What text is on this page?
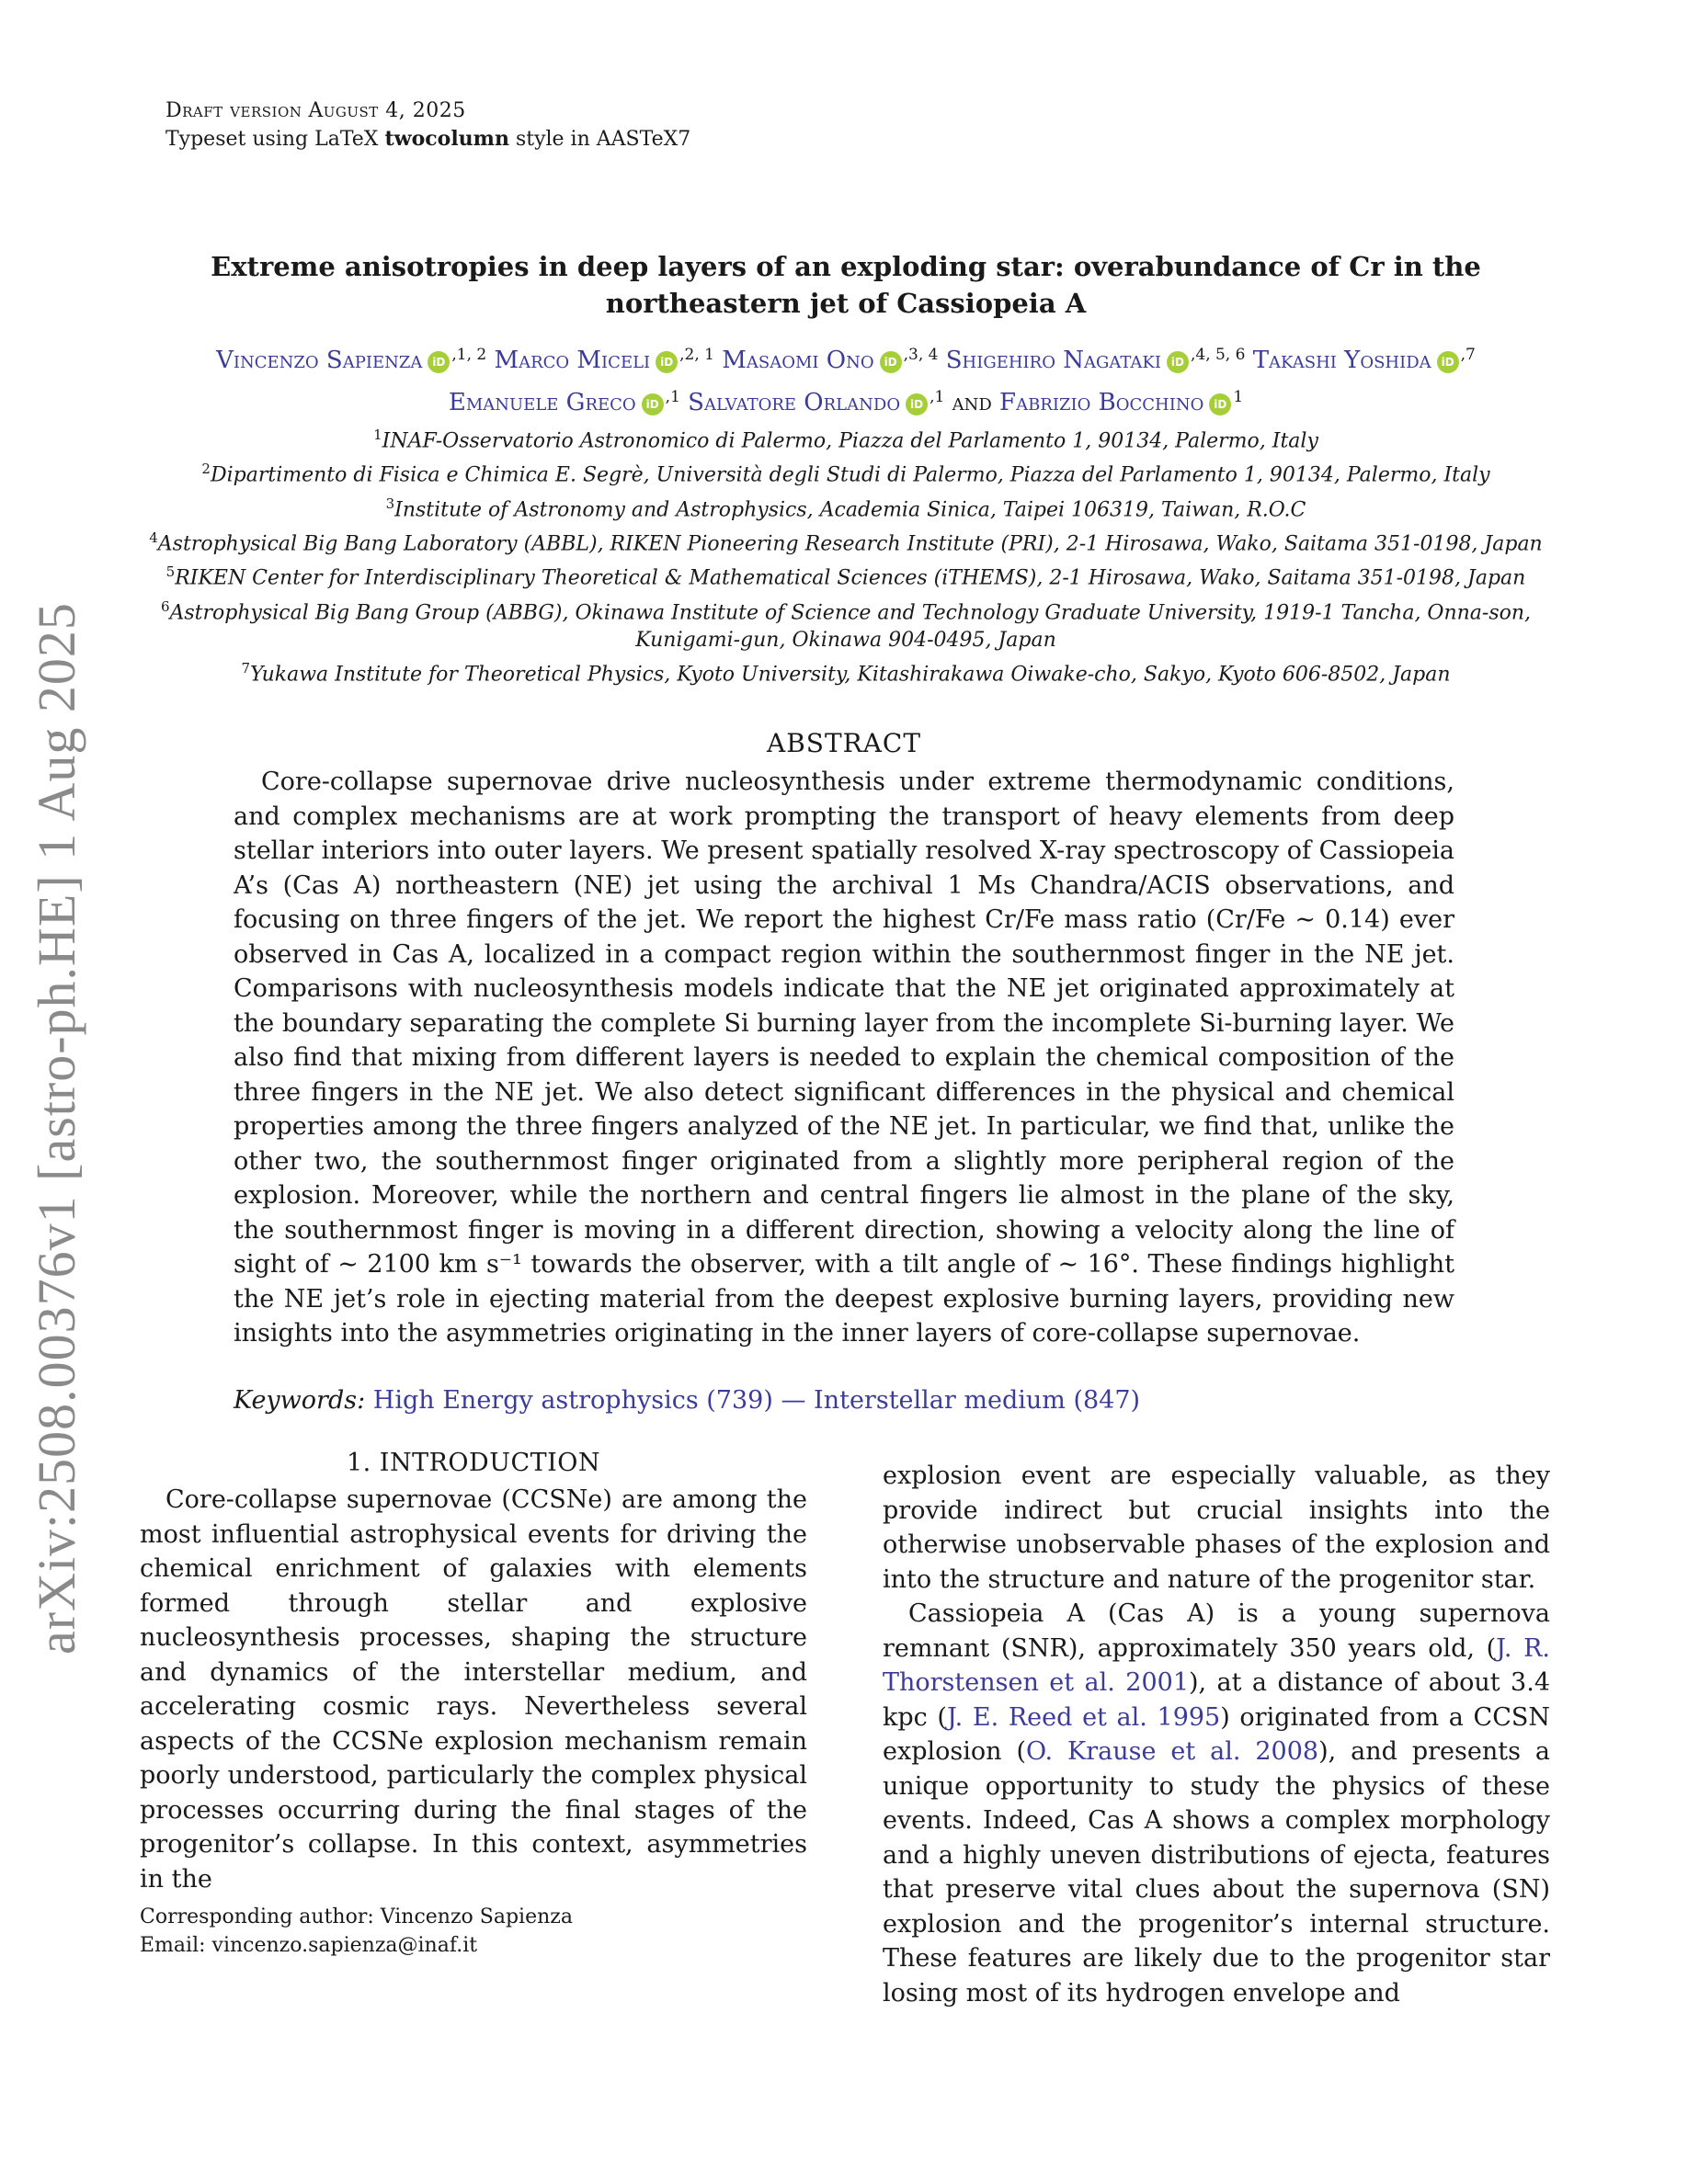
arXiv:2508.00376v1 [astro-ph.HE] 1 Aug 2025
Draft version August 4, 2025
Typeset using LaTeX twocolumn style in AASTeX7
Extreme anisotropies in deep layers of an exploding star: overabundance of Cr in the northeastern jet of Cassiopeia A
Vincenzo Sapienza iD $^{,1, 2}$ Marco Miceli iD $^{,2, 1}$ Masaomi Ono iD $^{,3, 4}$ Shigehiro Nagataki iD $^{,4, 5, 6}$ Takashi Yoshida iD $^{,7}$
Emanuele Greco iD $^{,1}$ Salvatore Orlando iD $^{,1}$ and Fabrizio Bocchino iD $^1$
$^1$INAF-Osservatorio Astronomico di Palermo, Piazza del Parlamento 1, 90134, Palermo, Italy
$^2$Dipartimento di Fisica e Chimica E. Segrè, Università degli Studi di Palermo, Piazza del Parlamento 1, 90134, Palermo, Italy
$^3$Institute of Astronomy and Astrophysics, Academia Sinica, Taipei 106319, Taiwan, R.O.C
$^4$Astrophysical Big Bang Laboratory (ABBL), RIKEN Pioneering Research Institute (PRI), 2-1 Hirosawa, Wako, Saitama 351-0198, Japan
$^5$RIKEN Center for Interdisciplinary Theoretical & Mathematical Sciences (iTHEMS), 2-1 Hirosawa, Wako, Saitama 351-0198, Japan
$^6$Astrophysical Big Bang Group (ABBG), Okinawa Institute of Science and Technology Graduate University, 1919-1 Tancha, Onna-son, Kunigami-gun, Okinawa 904-0495, Japan
$^7$Yukawa Institute for Theoretical Physics, Kyoto University, Kitashirakawa Oiwake-cho, Sakyo, Kyoto 606-8502, Japan
ABSTRACT
Core-collapse supernovae drive nucleosynthesis under extreme thermodynamic conditions, and complex mechanisms are at work prompting the transport of heavy elements from deep stellar interiors into outer layers. We present spatially resolved X-ray spectroscopy of Cassiopeia A’s (Cas A) northeastern (NE) jet using the archival 1 Ms Chandra/ACIS observations, and focusing on three fingers of the jet. We report the highest Cr/Fe mass ratio (Cr/Fe ∼ 0.14) ever observed in Cas A, localized in a compact region within the southernmost finger in the NE jet. Comparisons with nucleosynthesis models indicate that the NE jet originated approximately at the boundary separating the complete Si burning layer from the incomplete Si-burning layer. We also find that mixing from different layers is needed to explain the chemical composition of the three fingers in the NE jet. We also detect significant differences in the physical and chemical properties among the three fingers analyzed of the NE jet. In particular, we find that, unlike the other two, the southernmost finger originated from a slightly more peripheral region of the explosion. Moreover, while the northern and central fingers lie almost in the plane of the sky, the southernmost finger is moving in a different direction, showing a velocity along the line of sight of ∼ 2100 km s⁻¹ towards the observer, with a tilt angle of ∼ 16°. These findings highlight the NE jet’s role in ejecting material from the deepest explosive burning layers, providing new insights into the asymmetries originating in the inner layers of core-collapse supernovae.
Keywords: High Energy astrophysics (739) — Interstellar medium (847)
1. INTRODUCTION
Core-collapse supernovae (CCSNe) are among the most influential astrophysical events for driving the chemical enrichment of galaxies with elements formed through stellar and explosive nucleosynthesis processes, shaping the structure and dynamics of the interstellar medium, and accelerating cosmic rays. Nevertheless several aspects of the CCSNe explosion mechanism remain poorly understood, particularly the complex physical processes occurring during the final stages of the progenitor’s collapse. In this context, asymmetries in the
explosion event are especially valuable, as they provide indirect but crucial insights into the otherwise unobservable phases of the explosion and into the structure and nature of the progenitor star.
Cassiopeia A (Cas A) is a young supernova remnant (SNR), approximately 350 years old, (J. R. Thorstensen et al. 2001), at a distance of about 3.4 kpc (J. E. Reed et al. 1995) originated from a CCSN explosion (O. Krause et al. 2008), and presents a unique opportunity to study the physics of these events. Indeed, Cas A shows a complex morphology and a highly uneven distributions of ejecta, features that preserve vital clues about the supernova (SN) explosion and the progenitor’s internal structure. These features are likely due to the progenitor star losing most of its hydrogen envelope and
Corresponding author: Vincenzo Sapienza
Email: vincenzo.sapienza@inaf.it
